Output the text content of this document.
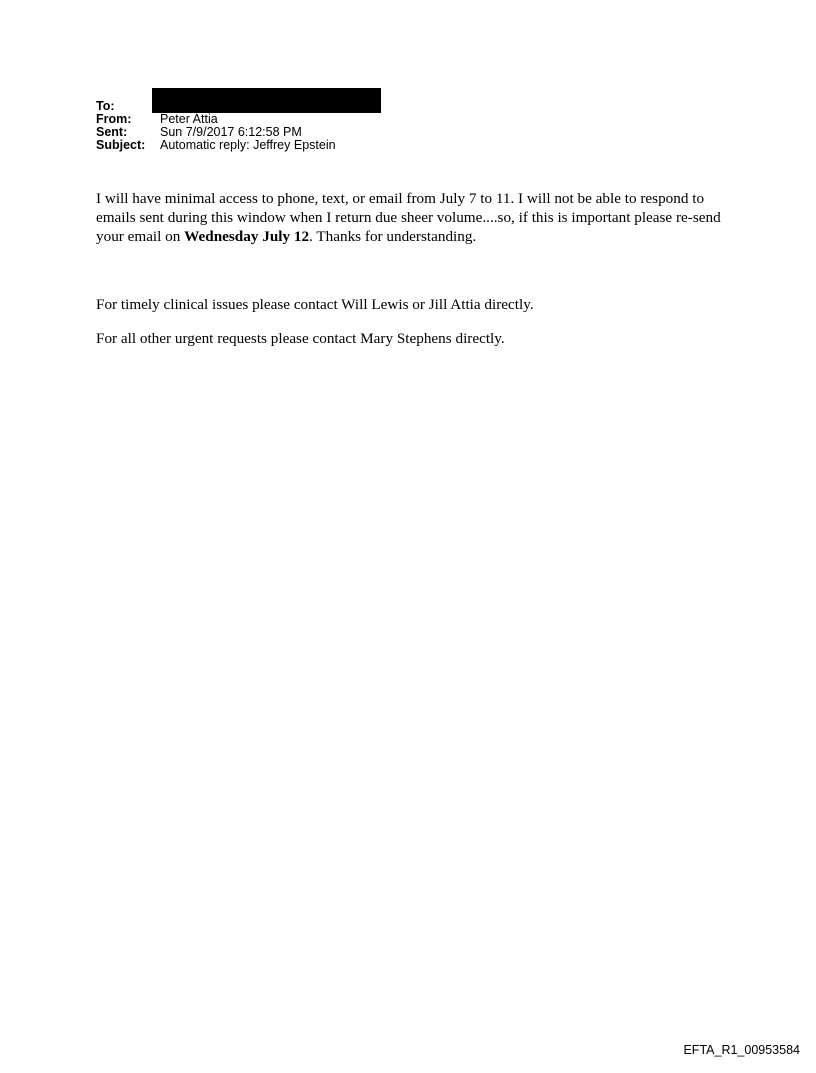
To:
From: Peter Attia
Sent:	Sun 7/9/2017 6:12:58 PM
Subject: Automatic reply: Jeffrey Epstein

I will have minimal access to phone, text, or email from July 7 to 11. I will not be able to respond to emails sent during this window when I return due sheer volume....so, if this is important please re-send your email on Wednesday July 12. Thanks for understanding.

For timely clinical issues please contact Will Lewis or Jill Attia directly.

For all other urgent requests please contact Mary Stephens directly.

EFTA_R1_00953584
